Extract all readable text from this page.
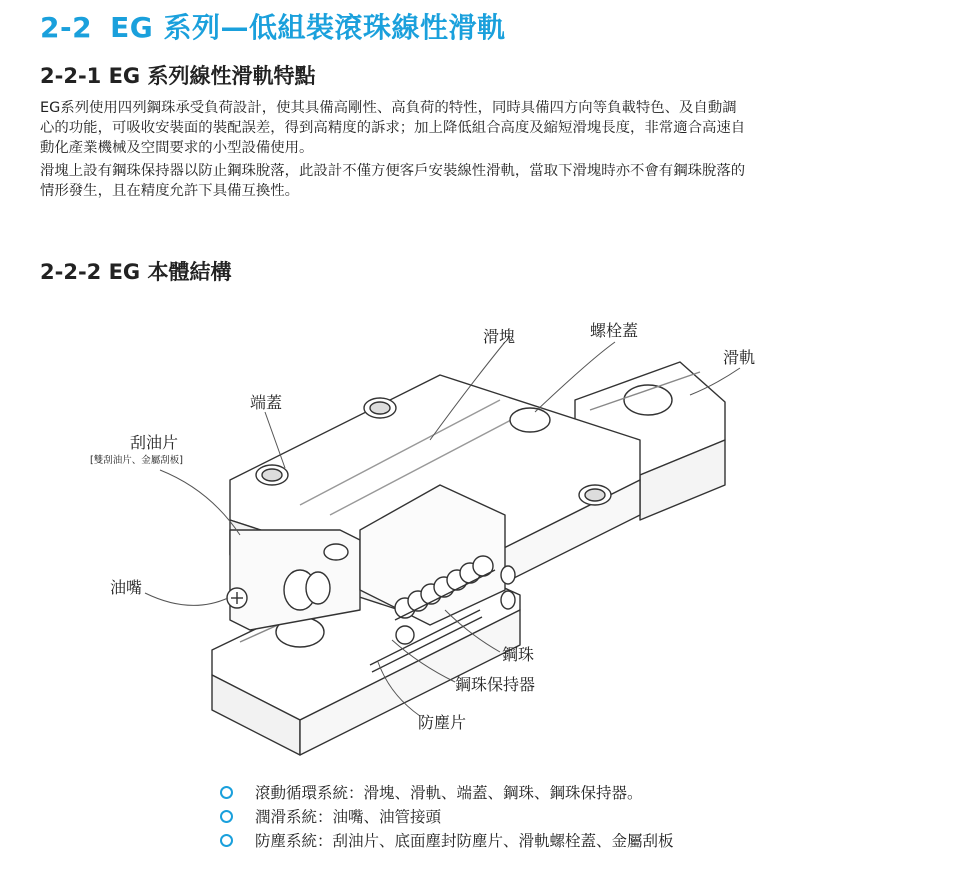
2-2 EG 系列—低組裝滾珠線性滑軌
2-2-1 EG 系列線性滑軌特點
EG系列使用四列鋼珠承受負荷設計，使其具備高剛性、高負荷的特性，同時具備四方向等負載特色、及自動調
心的功能，可吸收安裝面的裝配誤差，得到高精度的訴求；加上降低組合高度及縮短滑塊長度，非常適合高速自
動化產業機械及空間要求的小型設備使用。
滑塊上設有鋼珠保持器以防止鋼珠脫落，此設計不僅方便客戶安裝線性滑軌，當取下滑塊時亦不會有鋼珠脫落的
情形發生，且在精度允許下具備互換性。
2-2-2 EG 本體結構
滑塊	螺栓蓋
滑軌
端蓋
刮油片
[雙刮油片、金屬刮板]
油嘴
鋼珠
鋼珠保持器
防塵片
滾動循環系統：滑塊、滑軌、端蓋、鋼珠、鋼珠保持器。
潤滑系統：油嘴、油管接頭
防塵系統：刮油片、底面塵封防塵片、滑軌螺栓蓋、金屬刮板
